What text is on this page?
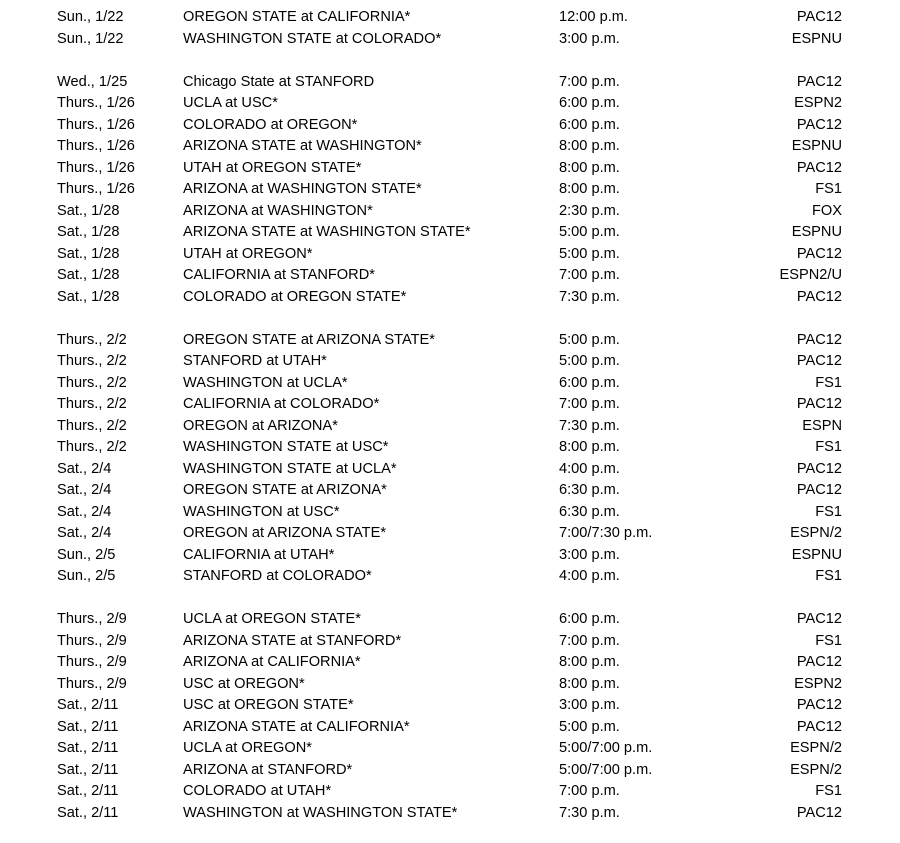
Sun., 1/22	OREGON STATE at CALIFORNIA*	12:00 p.m.	PAC12
Sun., 1/22	WASHINGTON STATE at COLORADO*	3:00 p.m.	ESPNU
Wed., 1/25	Chicago State at STANFORD	7:00 p.m.	PAC12
Thurs., 1/26	UCLA at USC*	6:00 p.m.	ESPN2
Thurs., 1/26	COLORADO at OREGON*	6:00 p.m.	PAC12
Thurs., 1/26	ARIZONA STATE at WASHINGTON*	8:00 p.m.	ESPNU
Thurs., 1/26	UTAH at OREGON STATE*	8:00 p.m.	PAC12
Thurs., 1/26	ARIZONA at WASHINGTON STATE*	8:00 p.m.	FS1
Sat., 1/28	ARIZONA at WASHINGTON*	2:30 p.m.	FOX
Sat., 1/28	ARIZONA STATE at WASHINGTON STATE*	5:00 p.m.	ESPNU
Sat., 1/28	UTAH at OREGON*	5:00 p.m.	PAC12
Sat., 1/28	CALIFORNIA at STANFORD*	7:00 p.m.	ESPN2/U
Sat., 1/28	COLORADO at OREGON STATE*	7:30 p.m.	PAC12
Thurs., 2/2	OREGON STATE at ARIZONA STATE*	5:00 p.m.	PAC12
Thurs., 2/2	STANFORD at UTAH*	5:00 p.m.	PAC12
Thurs., 2/2	WASHINGTON at UCLA*	6:00 p.m.	FS1
Thurs., 2/2	CALIFORNIA at COLORADO*	7:00 p.m.	PAC12
Thurs., 2/2	OREGON at ARIZONA*	7:30 p.m.	ESPN
Thurs., 2/2	WASHINGTON STATE at USC*	8:00 p.m.	FS1
Sat., 2/4	WASHINGTON STATE at UCLA*	4:00 p.m.	PAC12
Sat., 2/4	OREGON STATE at ARIZONA*	6:30 p.m.	PAC12
Sat., 2/4	WASHINGTON at USC*	6:30 p.m.	FS1
Sat., 2/4	OREGON at ARIZONA STATE*	7:00/7:30 p.m.	ESPN/2
Sun., 2/5	CALIFORNIA at UTAH*	3:00 p.m.	ESPNU
Sun., 2/5	STANFORD at COLORADO*	4:00 p.m.	FS1
Thurs., 2/9	UCLA at OREGON STATE*	6:00 p.m.	PAC12
Thurs., 2/9	ARIZONA STATE at STANFORD*	7:00 p.m.	FS1
Thurs., 2/9	ARIZONA at CALIFORNIA*	8:00 p.m.	PAC12
Thurs., 2/9	USC at OREGON*	8:00 p.m.	ESPN2
Sat., 2/11	USC at OREGON STATE*	3:00 p.m.	PAC12
Sat., 2/11	ARIZONA STATE at CALIFORNIA*	5:00 p.m.	PAC12
Sat., 2/11	UCLA at OREGON*	5:00/7:00 p.m.	ESPN/2
Sat., 2/11	ARIZONA at STANFORD*	5:00/7:00 p.m.	ESPN/2
Sat., 2/11	COLORADO at UTAH*	7:00 p.m.	FS1
Sat., 2/11	WASHINGTON at WASHINGTON STATE*	7:30 p.m.	PAC12
